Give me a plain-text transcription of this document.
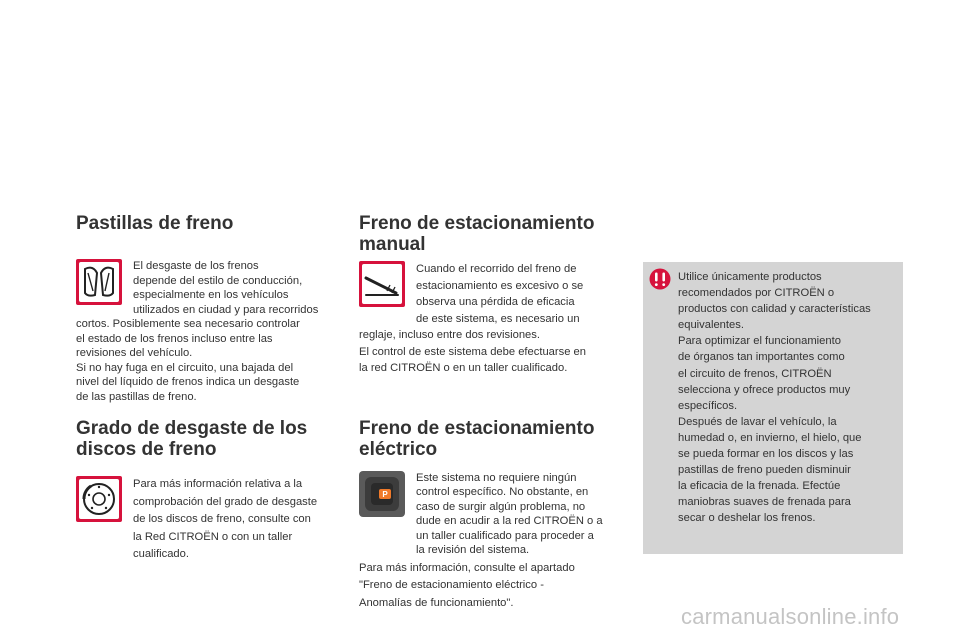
Pastillas de freno
El desgaste de los frenos
depende del estilo de conducción,
especialmente en los vehículos
utilizados en ciudad y para recorridos
cortos. Posiblemente sea necesario controlar
el estado de los frenos incluso entre las
revisiones del vehículo.
Si no hay fuga en el circuito, una bajada del
nivel del líquido de frenos indica un desgaste
de las pastillas de freno.
Grado de desgaste de los
discos de freno
Para más información relativa a la
comprobación del grado de desgaste
de los discos de freno, consulte con
la Red CITROËN o con un taller
cualificado.
Freno de estacionamiento
manual
Cuando el recorrido del freno de
estacionamiento es excesivo o se
observa una pérdida de eficacia
de este sistema, es necesario un
reglaje, incluso entre dos revisiones.
El control de este sistema debe efectuarse en
la red CITROËN o en un taller cualificado.
Freno de estacionamiento
eléctrico
P
Este sistema no requiere ningún
control específico. No obstante, en
caso de surgir algún problema, no
dude en acudir a la red CITROËN o a
un taller cualificado para proceder a
la revisión del sistema.
Para más información, consulte el apartado
"Freno de estacionamiento eléctrico -
Anomalías de funcionamiento".
Utilice únicamente productos
recomendados por CITROËN o
productos con calidad y características
equivalentes.
Para optimizar el funcionamiento
de órganos tan importantes como
el circuito de frenos, CITROËN
selecciona y ofrece productos muy
específicos.
Después de lavar el vehículo, la
humedad o, en invierno, el hielo, que
se pueda formar en los discos y las
pastillas de freno pueden disminuir
la eficacia de la frenada. Efectúe
maniobras suaves de frenada para
secar o deshelar los frenos.
carmanualsonline.info
